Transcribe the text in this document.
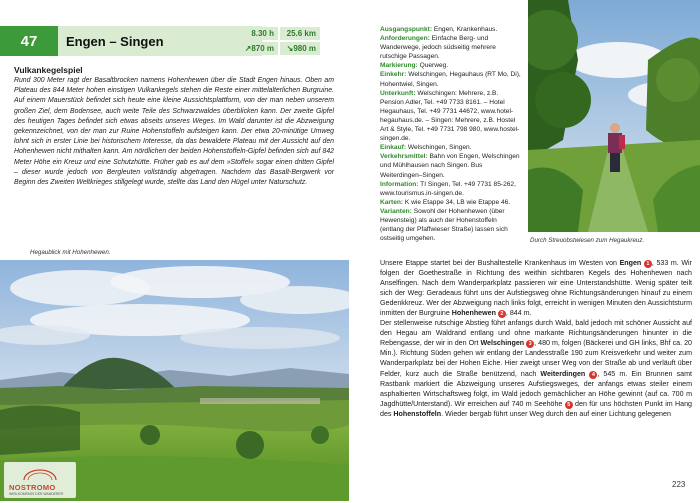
47	Engen – Singen
8.30 h	25.6 km
↗870 m	↘980 m
Vulkankegelspiel
Rund 300 Meter ragt der Basaltbrocken namens Hohenhewen über die Stadt Engen hinaus. Oben am Plateau des 844 Meter hohen einstigen Vulkankegels stehen die Reste einer mittelalterlichen Burgruine. Auf einem Mauerstück befindet sich heute eine kleine Aussichtsplattform, von der man neben unserem großen Ziel, dem Bodensee, auch weite Teile des Schwarzwaldes überblicken kann. Der zweite Gipfel des heutigen Tages befindet sich etwas abseits unseres Weges. Im Wald darunter ist die Abzweigung gekennzeichnet, von der man zur Ruine Hohenstoffeln aufsteigen kann. Der etwa 20-minütige Umweg lohnt sich in erster Linie bei historischem Interesse, da das bewaldete Plateau mit der Aussicht auf den Hohenhewen nicht mithalten kann. Am nördlichen der beiden Hohenstoffeln-Gipfel befinden sich auf 842 Meter Höhe ein Kreuz und eine Schutzhütte. Früher gab es auf dem »Stoffel« sogar einen dritten Gipfel – dieser wurde jedoch von Bergleuten vollständig abgetragen. Nachdem das Basalt-Bergwerk vor Beginn des Zweiten Weltkrieges stillgelegt wurde, stellte das Land den Hügel unter Naturschutz.
Hegaublick mit Hohenhewen.
NOSTROMO
WEB-KOMPASS DER WANDERER

Ausgangspunkt: Engen, Krankenhaus.

Anforderungen: Einfache Berg- und Wanderwege, jedoch südseitig mehrere rutschige Passagen.

Markierung: Querweg.

Einkehr: Welschingen, Hegauhaus (RT Mo, Di), Hohentwiel, Singen.

Unterkunft: Welschingen: Mehrere, z.B. Pension Adler, Tel. +49 7733 8161. – Hotel Hegauhaus, Tel. +49 7731 44672, www.hotel-hegauhaus.de. – Singen: Mehrere, z.B. Hostel Art & Style, Tel. +49 7731 798 980, www.hostel-singen.de.

Einkauf: Welschingen, Singen.

Verkehrsmittel: Bahn von Engen, Welschingen und Mühlhausen nach Singen. Bus Weiterdingen–Singen.

Information: TI Singen, Tel. +49 7731 85-262, www.tourismus.in-singen.de.

Karten: K wie Etappe 34, LB wie Etappe 46.

Varianten: Sowohl der Hohenhewen (über Hewensteig) als auch der Hohenstoffeln (entlang der Pfaffwieser Straße) lassen sich ostseitig umgehen.	Durch Streuobstwiesen zum Hegaukreuz.
Unsere Etappe startet bei der Bushaltestelle Krankenhaus im Westen von Engen 1 , 533 m. Wir folgen der Goethestraße in Richtung des weithin sichtbaren Kegels des Hohenhewen nach Anselfingen. Nach dem Wanderparkplatz passieren wir eine Unterstandshütte. Wenig später teilt sich der Weg: Geradeaus führt uns der Aufstiegsweg ohne Richtungsänderungen hinauf zu einem Gedenkkreuz. Wer der Abzweigung nach links folgt, erreicht in wenigen Minuten den Aussichtsturm inmitten der Burgruine Hohenhewen 2 , 844 m.
Der stellenweise rutschige Abstieg führt anfangs durch Wald, bald jedoch mit schöner Aussicht auf den Hegau am Waldrand entlang und ohne markante Richtungsänderungen hinunter in die Rebengasse, der wir in den Ort Welschingen 3 , 480 m, folgen (Bäckerei und GH links, Bhf ca. 20 Min.). Richtung Süden gehen wir entlang der Landesstraße 190 zum Kreisverkehr und weiter zum Wanderparkplatz bei der Hohen Eiche. Hier zweigt unser Weg von der Straße ab und verläuft über Felder, kurz auch die Straße benützend, nach Weiterdingen 4 , 545 m. Ein Brunnen samt Rastbank markiert die Abzweigung unseres Aufstiegsweges, der anfangs etwas steiler einem asphaltierten Wirtschaftsweg folgt, im Wald jedoch gemächlicher an Höhe gewinnt (auf ca. 700 m Jagdhütte/Unterstand). Wir erreichen auf 740 m Seehöhe 5 den für uns höchsten Punkt im Hang des Hohenstoffeln. Wieder bergab führt unser Weg durch den auf einer Lichtung gelegenen
223
